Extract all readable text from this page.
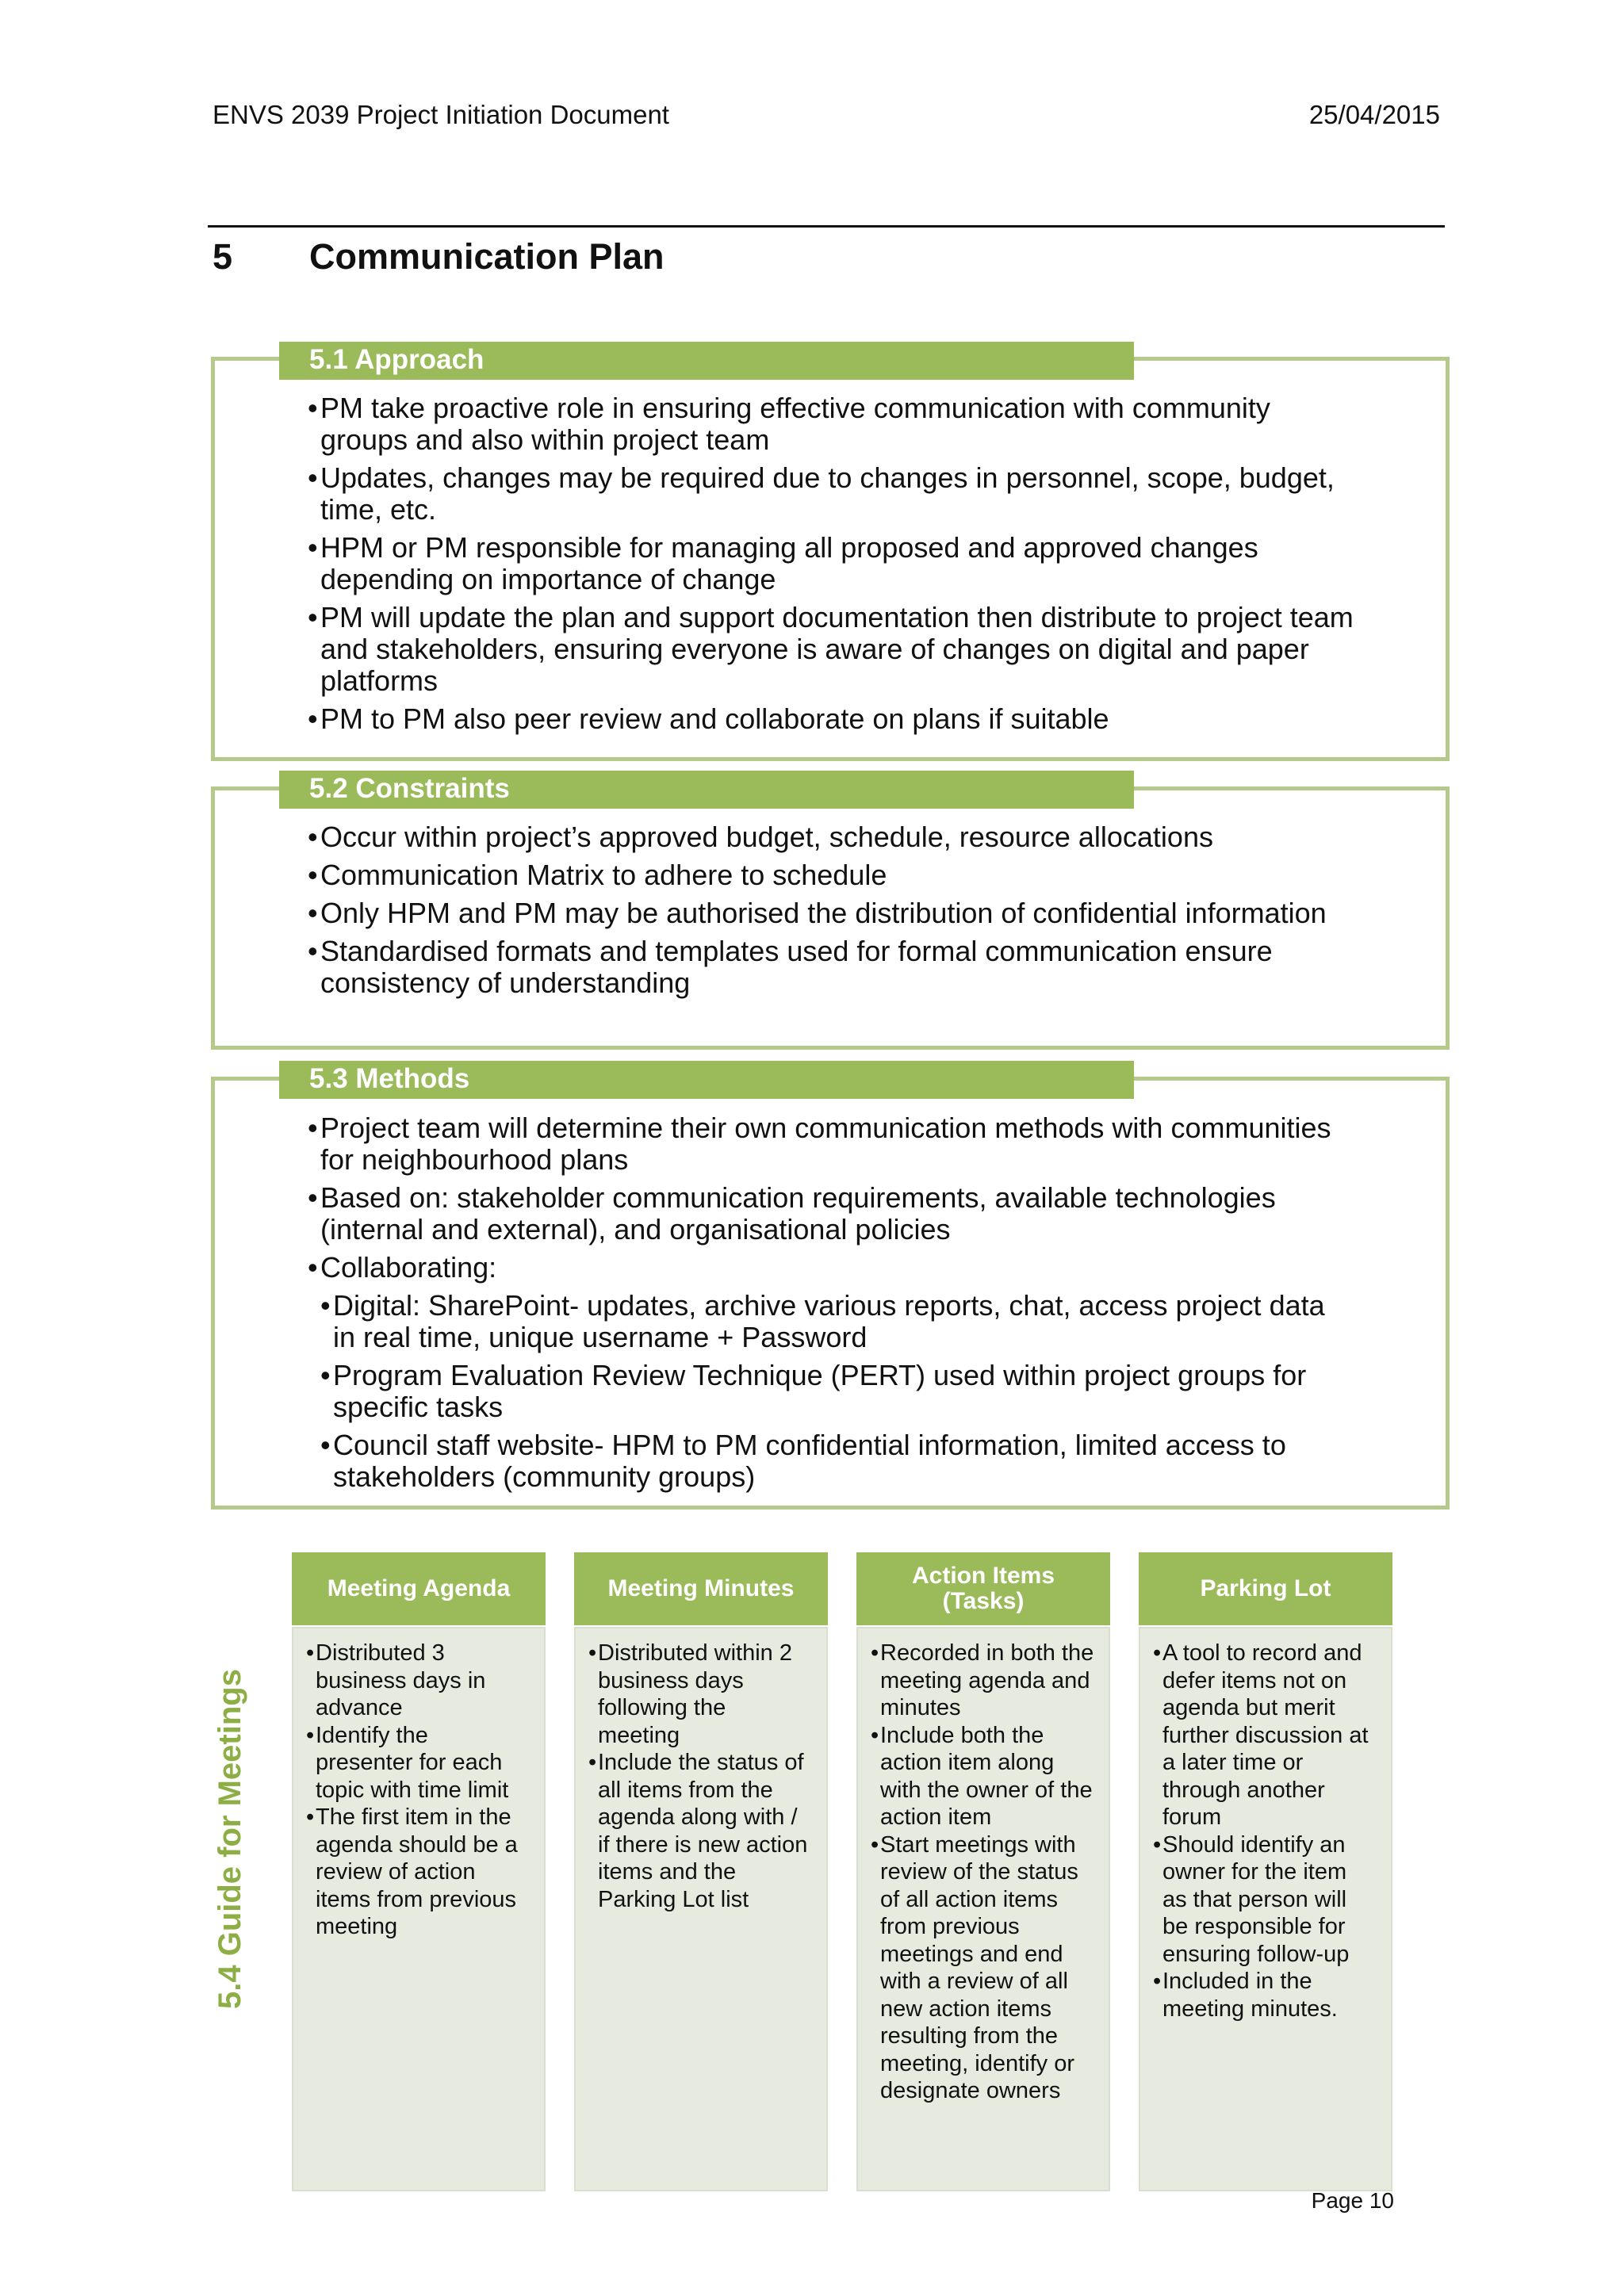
ENVS 2039 Project Initiation Document	25/04/2015
5 Communication Plan
5.1 Approach
• PM take proactive role in ensuring effective communication with community groups and also within project team
• Updates, changes may be required due to changes in personnel, scope, budget, time, etc.
• HPM or PM responsible for managing all proposed and approved changes depending on importance of change
• PM will update the plan and support documentation then distribute to project team and stakeholders, ensuring everyone is aware of changes on digital and paper platforms
• PM to PM also peer review and collaborate on plans if suitable
5.2 Constraints
• Occur within project’s approved budget, schedule, resource allocations
• Communication Matrix to adhere to schedule
• Only HPM and PM may be authorised the distribution of confidential information
• Standardised formats and templates used for formal communication ensure consistency of understanding
5.3 Methods
• Project team will determine their own communication methods with communities for neighbourhood plans
• Based on: stakeholder communication requirements, available technologies (internal and external), and organisational policies
• Collaborating:
• Digital: SharePoint- updates, archive various reports, chat, access project data in real time, unique username + Password
• Program Evaluation Review Technique (PERT) used within project groups for specific tasks
• Council staff website- HPM to PM confidential information, limited access to stakeholders (community groups)
5.4 Guide for Meetings
Meeting Agenda
• Distributed 3 business days in advance
• Identify the presenter for each topic with time limit
• The first item in the agenda should be a review of action items from previous meeting
Meeting Minutes
• Distributed within 2 business days following the meeting
• Include the status of all items from the agenda along with / if there is new action items and the Parking Lot list
Action Items (Tasks)
• Recorded in both the meeting agenda and minutes
• Include both the action item along with the owner of the action item
• Start meetings with review of the status of all action items from previous meetings and end with a review of all new action items resulting from the meeting, identify or designate owners
Parking Lot
• A tool to record and defer items not on agenda but merit further discussion at a later time or through another forum
• Should identify an owner for the item as that person will be responsible for ensuring follow-up
• Included in the meeting minutes.
Page 10
